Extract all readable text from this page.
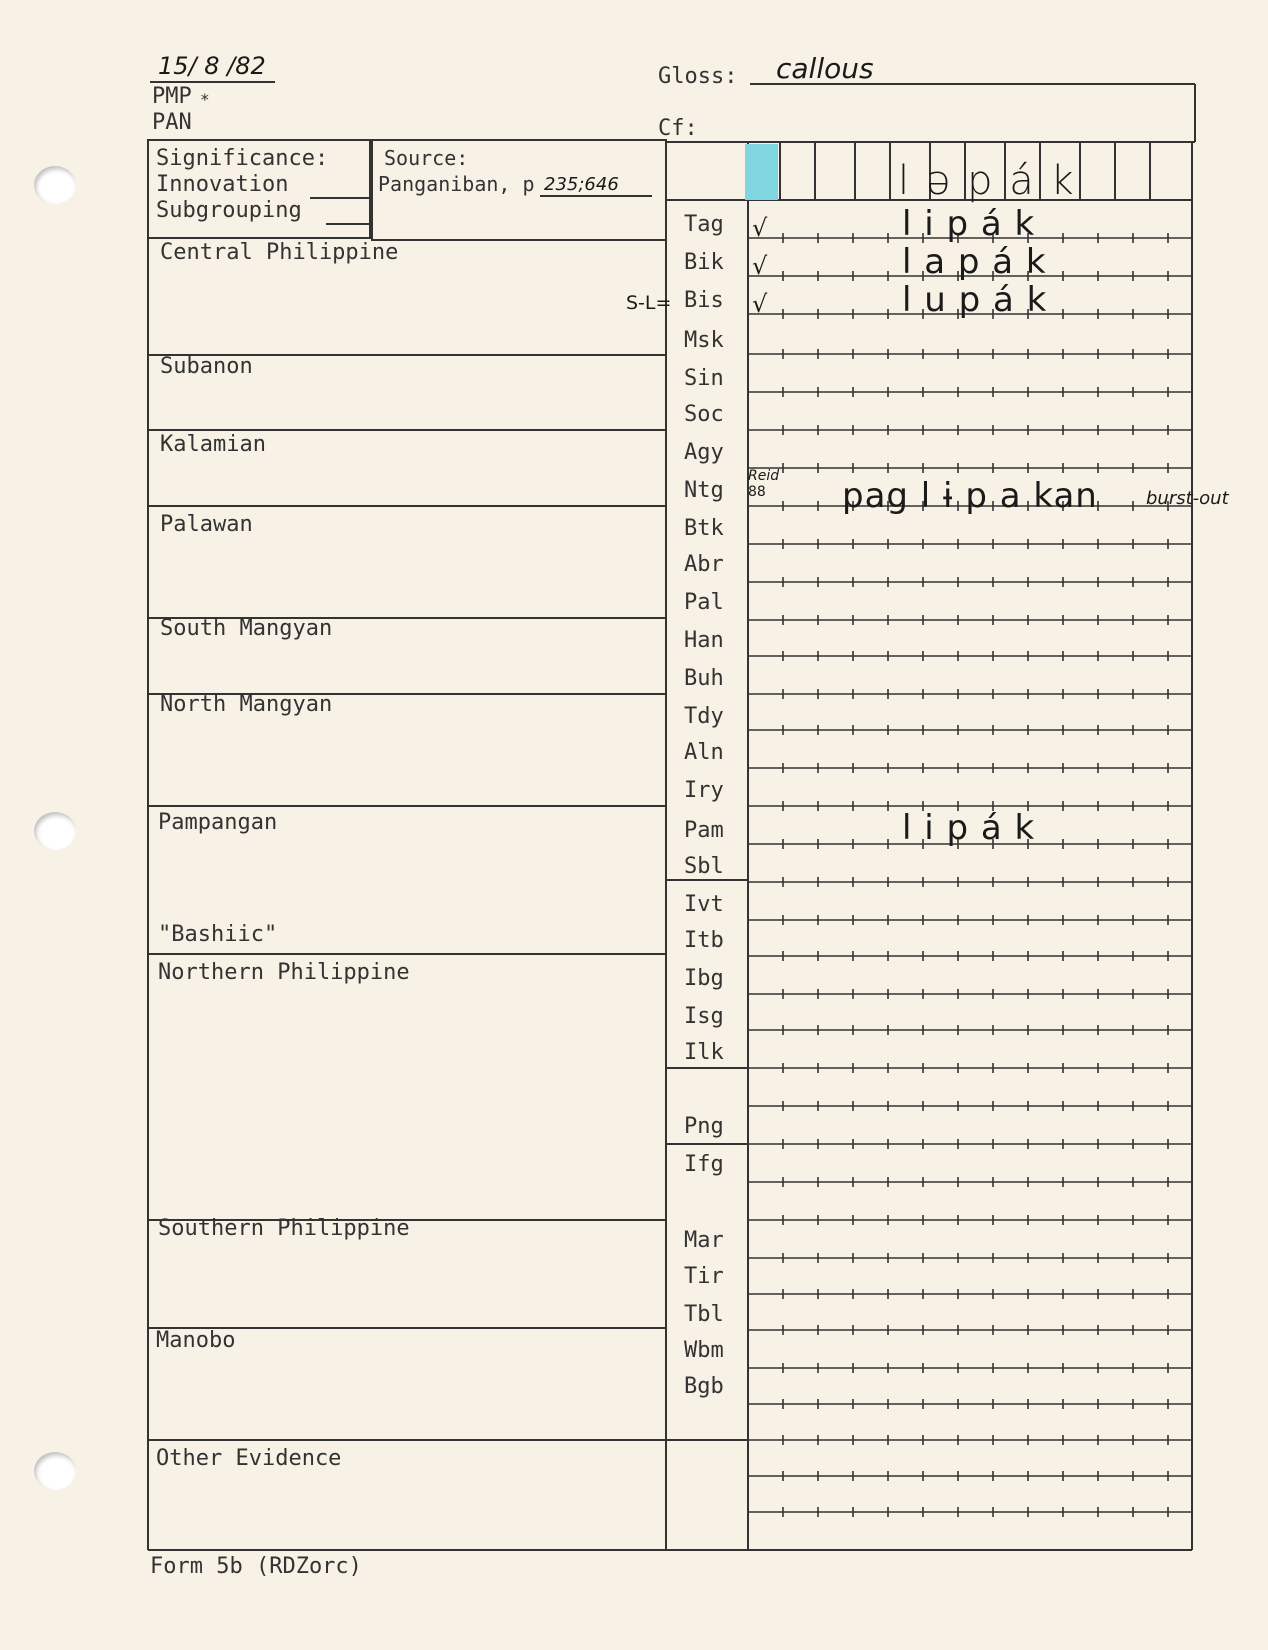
15/ 8 /82
PMP *
PAN
Gloss: callous
Cf:
Significance:
Innovation
Subgrouping
Source:
Panganiban, p 235;646	l ə p á k
Central Philippine
Subanon
Kalamian
Palawan
South Mangyan
North Mangyan
Pampangan
"Bashiic"
Northern Philippine
Southern Philippine
Manobo
Other Evidence
Tag
Bik
Bis
Msk
Sin
Soc
Agy
Ntg
Btk
Abr
Pal
Han
Buh
Tdy
Aln
Iry
Pam
Sbl
Ivt
Itb
Ibg
Isg
Ilk
Png
Ifg
Mar
Tir
Tbl
Wbm
Bgb
S-L=
√
√
√
l i p á k
l a p á k
l u p á k
Reid
88 pag l ɨ p a kan	burst-out
l i p á k
Form 5b (RDZorc)
